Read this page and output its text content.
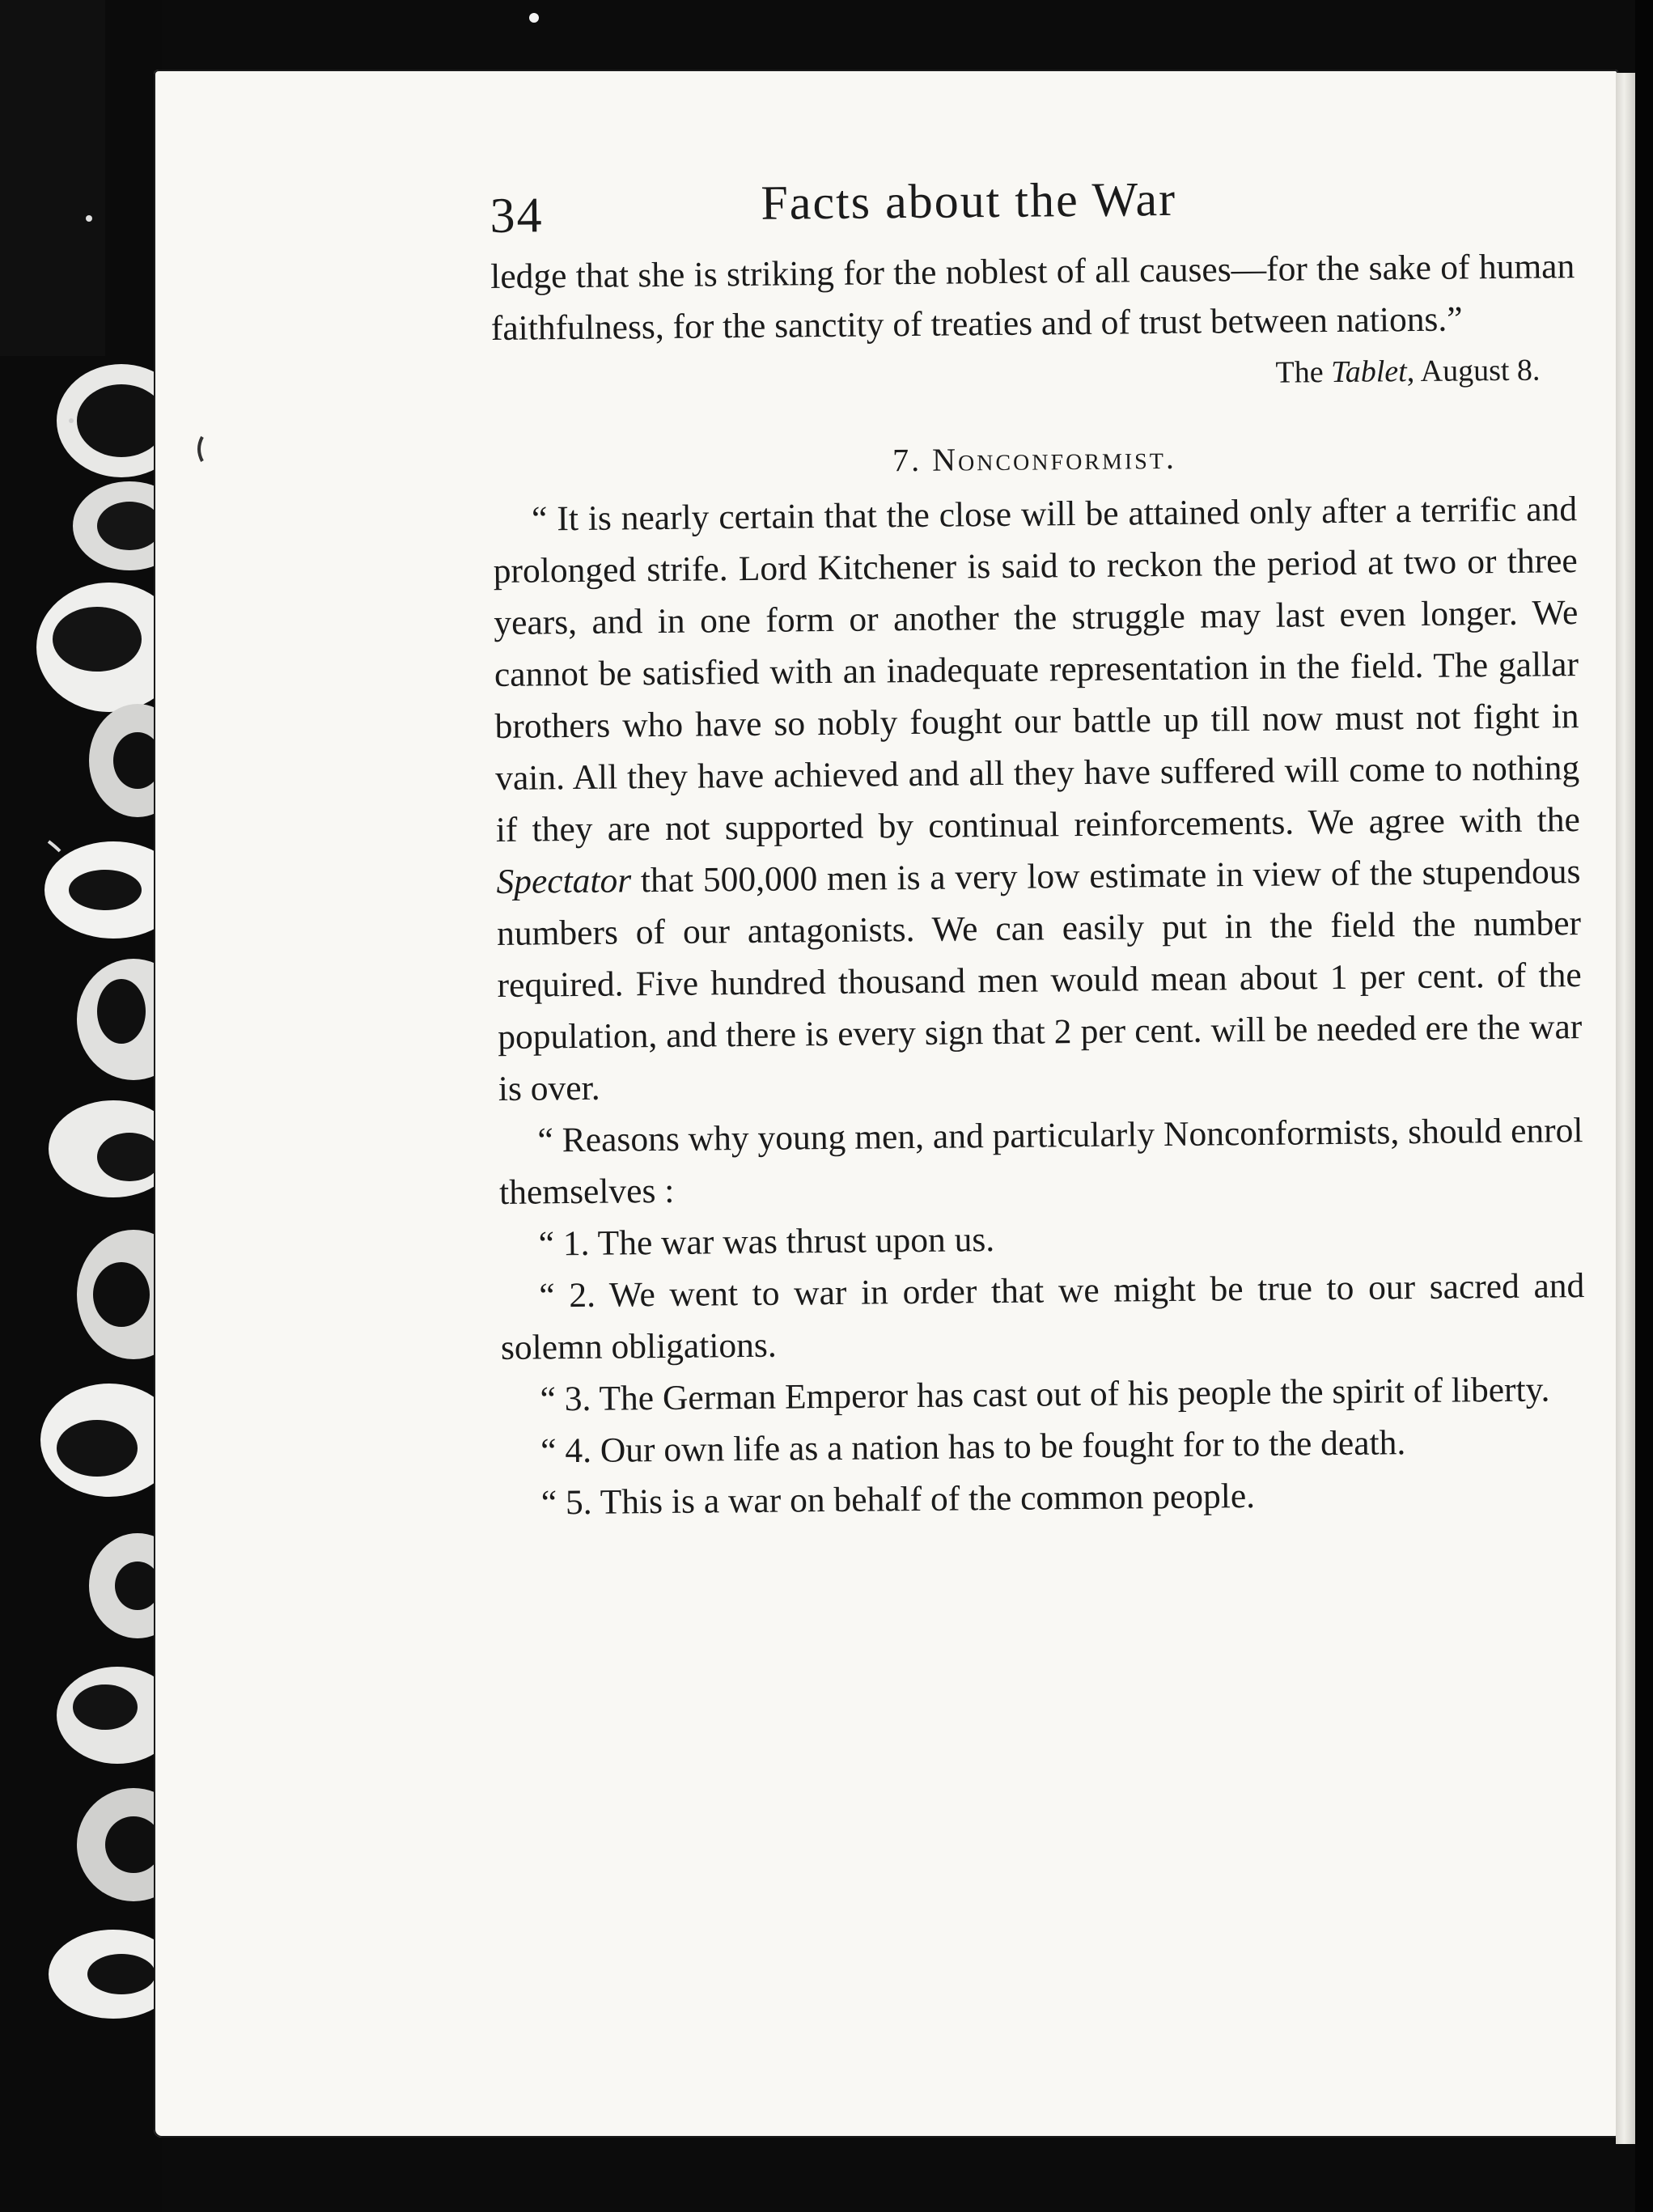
34	Facts about the War

ledge that she is striking for the noblest of all causes—for the sake of human faithfulness, for the sanctity of treaties and of trust between nations.”

The Tablet, August 8.

7. Nonconformist.

“ It is nearly certain that the close will be attained only after a terrific and prolonged strife. Lord Kitchener is said to reckon the period at two or three years, and in one form or another the struggle may last even longer. We cannot be satisfied with an inadequate representation in the field. The gallar brothers who have so nobly fought our battle up till now must not fight in vain. All they have achieved and all they have suffered will come to nothing if they are not supported by continual reinforcements. We agree with the Spectator that 500,000 men is a very low estimate in view of the stupendous numbers of our antagonists. We can easily put in the field the number required. Five hundred thousand men would mean about 1 per cent. of the population, and there is every sign that 2 per cent. will be needed ere the war is over.

“ Reasons why young men, and particularly Nonconformists, should enrol themselves :

“ 1. The war was thrust upon us.

“ 2. We went to war in order that we might be true to our sacred and solemn obligations.

“ 3. The German Emperor has cast out of his people the spirit of liberty.

“ 4. Our own life as a nation has to be fought for to the death.

“ 5. This is a war on behalf of the common people.
